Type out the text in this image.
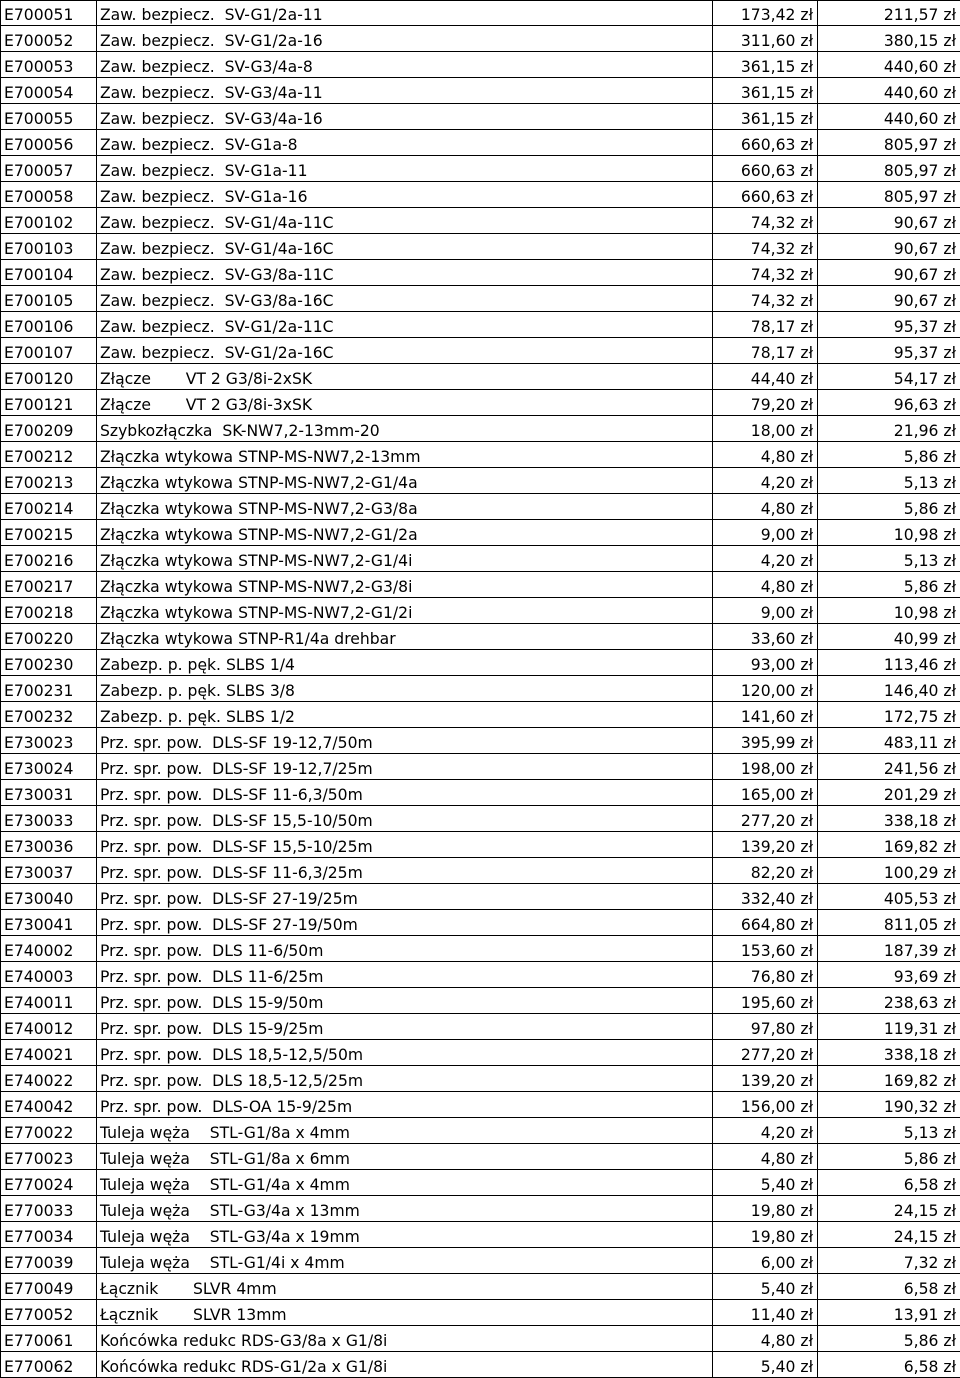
E700051	Zaw. bezpiecz.  SV-G1/2a-11	173,42 zł	211,57 zł
E700052	Zaw. bezpiecz.  SV-G1/2a-16	311,60 zł	380,15 zł
E700053	Zaw. bezpiecz.  SV-G3/4a-8	361,15 zł	440,60 zł
E700054	Zaw. bezpiecz.  SV-G3/4a-11	361,15 zł	440,60 zł
E700055	Zaw. bezpiecz.  SV-G3/4a-16	361,15 zł	440,60 zł
E700056	Zaw. bezpiecz.  SV-G1a-8	660,63 zł	805,97 zł
E700057	Zaw. bezpiecz.  SV-G1a-11	660,63 zł	805,97 zł
E700058	Zaw. bezpiecz.  SV-G1a-16	660,63 zł	805,97 zł
E700102	Zaw. bezpiecz.  SV-G1/4a-11C	74,32 zł	90,67 zł
E700103	Zaw. bezpiecz.  SV-G1/4a-16C	74,32 zł	90,67 zł
E700104	Zaw. bezpiecz.  SV-G3/8a-11C	74,32 zł	90,67 zł
E700105	Zaw. bezpiecz.  SV-G3/8a-16C	74,32 zł	90,67 zł
E700106	Zaw. bezpiecz.  SV-G1/2a-11C	78,17 zł	95,37 zł
E700107	Zaw. bezpiecz.  SV-G1/2a-16C	78,17 zł	95,37 zł
E700120	Złącze       VT 2 G3/8i-2xSK	44,40 zł	54,17 zł
E700121	Złącze       VT 2 G3/8i-3xSK	79,20 zł	96,63 zł
E700209	Szybkozłączka  SK-NW7,2-13mm-20	18,00 zł	21,96 zł
E700212	Złączka wtykowa STNP-MS-NW7,2-13mm	4,80 zł	5,86 zł
E700213	Złączka wtykowa STNP-MS-NW7,2-G1/4a	4,20 zł	5,13 zł
E700214	Złączka wtykowa STNP-MS-NW7,2-G3/8a	4,80 zł	5,86 zł
E700215	Złączka wtykowa STNP-MS-NW7,2-G1/2a	9,00 zł	10,98 zł
E700216	Złączka wtykowa STNP-MS-NW7,2-G1/4i	4,20 zł	5,13 zł
E700217	Złączka wtykowa STNP-MS-NW7,2-G3/8i	4,80 zł	5,86 zł
E700218	Złączka wtykowa STNP-MS-NW7,2-G1/2i	9,00 zł	10,98 zł
E700220	Złączka wtykowa STNP-R1/4a drehbar	33,60 zł	40,99 zł
E700230	Zabezp. p. pęk. SLBS 1/4	93,00 zł	113,46 zł
E700231	Zabezp. p. pęk. SLBS 3/8	120,00 zł	146,40 zł
E700232	Zabezp. p. pęk. SLBS 1/2	141,60 zł	172,75 zł
E730023	Prz. spr. pow.  DLS-SF 19-12,7/50m	395,99 zł	483,11 zł
E730024	Prz. spr. pow.  DLS-SF 19-12,7/25m	198,00 zł	241,56 zł
E730031	Prz. spr. pow.  DLS-SF 11-6,3/50m	165,00 zł	201,29 zł
E730033	Prz. spr. pow.  DLS-SF 15,5-10/50m	277,20 zł	338,18 zł
E730036	Prz. spr. pow.  DLS-SF 15,5-10/25m	139,20 zł	169,82 zł
E730037	Prz. spr. pow.  DLS-SF 11-6,3/25m	82,20 zł	100,29 zł
E730040	Prz. spr. pow.  DLS-SF 27-19/25m	332,40 zł	405,53 zł
E730041	Prz. spr. pow.  DLS-SF 27-19/50m	664,80 zł	811,05 zł
E740002	Prz. spr. pow.  DLS 11-6/50m	153,60 zł	187,39 zł
E740003	Prz. spr. pow.  DLS 11-6/25m	76,80 zł	93,69 zł
E740011	Prz. spr. pow.  DLS 15-9/50m	195,60 zł	238,63 zł
E740012	Prz. spr. pow.  DLS 15-9/25m	97,80 zł	119,31 zł
E740021	Prz. spr. pow.  DLS 18,5-12,5/50m	277,20 zł	338,18 zł
E740022	Prz. spr. pow.  DLS 18,5-12,5/25m	139,20 zł	169,82 zł
E740042	Prz. spr. pow.  DLS-OA 15-9/25m	156,00 zł	190,32 zł
E770022	Tuleja węża    STL-G1/8a x 4mm	4,20 zł	5,13 zł
E770023	Tuleja węża    STL-G1/8a x 6mm	4,80 zł	5,86 zł
E770024	Tuleja węża    STL-G1/4a x 4mm	5,40 zł	6,58 zł
E770033	Tuleja węża    STL-G3/4a x 13mm	19,80 zł	24,15 zł
E770034	Tuleja węża    STL-G3/4a x 19mm	19,80 zł	24,15 zł
E770039	Tuleja węża    STL-G1/4i x 4mm	6,00 zł	7,32 zł
E770049	Łącznik       SLVR 4mm	5,40 zł	6,58 zł
E770052	Łącznik       SLVR 13mm	11,40 zł	13,91 zł
E770061	Końcówka redukc RDS-G3/8a x G1/8i	4,80 zł	5,86 zł
E770062	Końcówka redukc RDS-G1/2a x G1/8i	5,40 zł	6,58 zł
